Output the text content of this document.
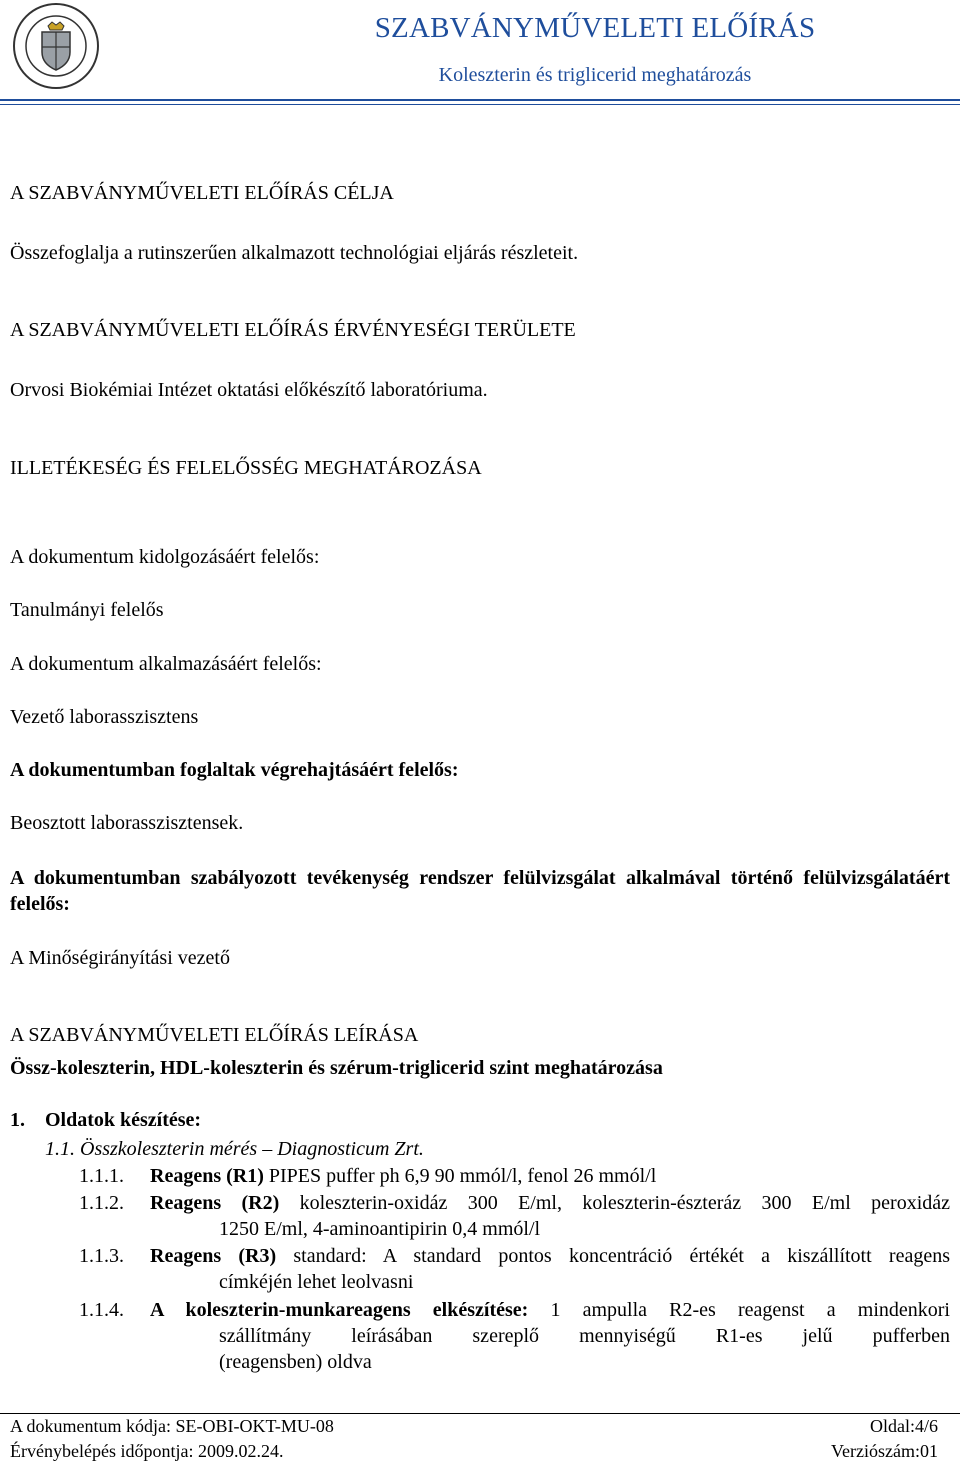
SZABVÁNYMŰVELETI ELŐÍRÁS
Koleszterin és triglicerid meghatározás
A SZABVÁNYMŰVELETI ELŐÍRÁS CÉLJA
Összefoglalja a rutinszerűen alkalmazott technológiai eljárás részleteit.
A SZABVÁNYMŰVELETI ELŐÍRÁS ÉRVÉNYESÉGI TERÜLETE
Orvosi Biokémiai Intézet oktatási előkészítő laboratóriuma.
ILLETÉKESÉG ÉS FELELŐSSÉG MEGHATÁROZÁSA
A dokumentum kidolgozásáért felelős:
Tanulmányi felelős
A dokumentum alkalmazásáért felelős:
Vezető laborasszisztens
A dokumentumban foglaltak végrehajtásáért felelős:
Beosztott laborasszisztensek.
A dokumentumban szabályozott tevékenység rendszer felülvizsgálat alkalmával történő felülvizsgálatáért felelős:
A Minőségirányítási vezető
A SZABVÁNYMŰVELETI ELŐÍRÁS LEÍRÁSA
Össz-koleszterin, HDL-koleszterin és szérum-triglicerid szint meghatározása
1. Oldatok készítése:
1.1. Összkoleszterin mérés – Diagnosticum Zrt.
1.1.1. Reagens (R1) PIPES puffer ph 6,9 90 mmól/l, fenol 26 mmól/l
1.1.2. Reagens (R2) koleszterin-oxidáz 300 E/ml, koleszterin-észteráz 300 E/ml peroxidáz
1250 E/ml, 4-aminoantipirin 0,4 mmól/l
1.1.3. Reagens (R3) standard: A standard pontos koncentráció értékét a kiszállított reagens
címkéjén lehet leolvasni
1.1.4. A koleszterin-munkareagens elkészítése: 1 ampulla R2-es reagenst a mindenkori
szállítmány leírásában szereplő mennyiségű R1-es jelű pufferben
(reagensben) oldva
A dokumentum kódja: SE-OBI-OKT-MU-08
Érvénybelépés időpontja: 2009.02.24.
Oldal:4/6
Verziószám:01
